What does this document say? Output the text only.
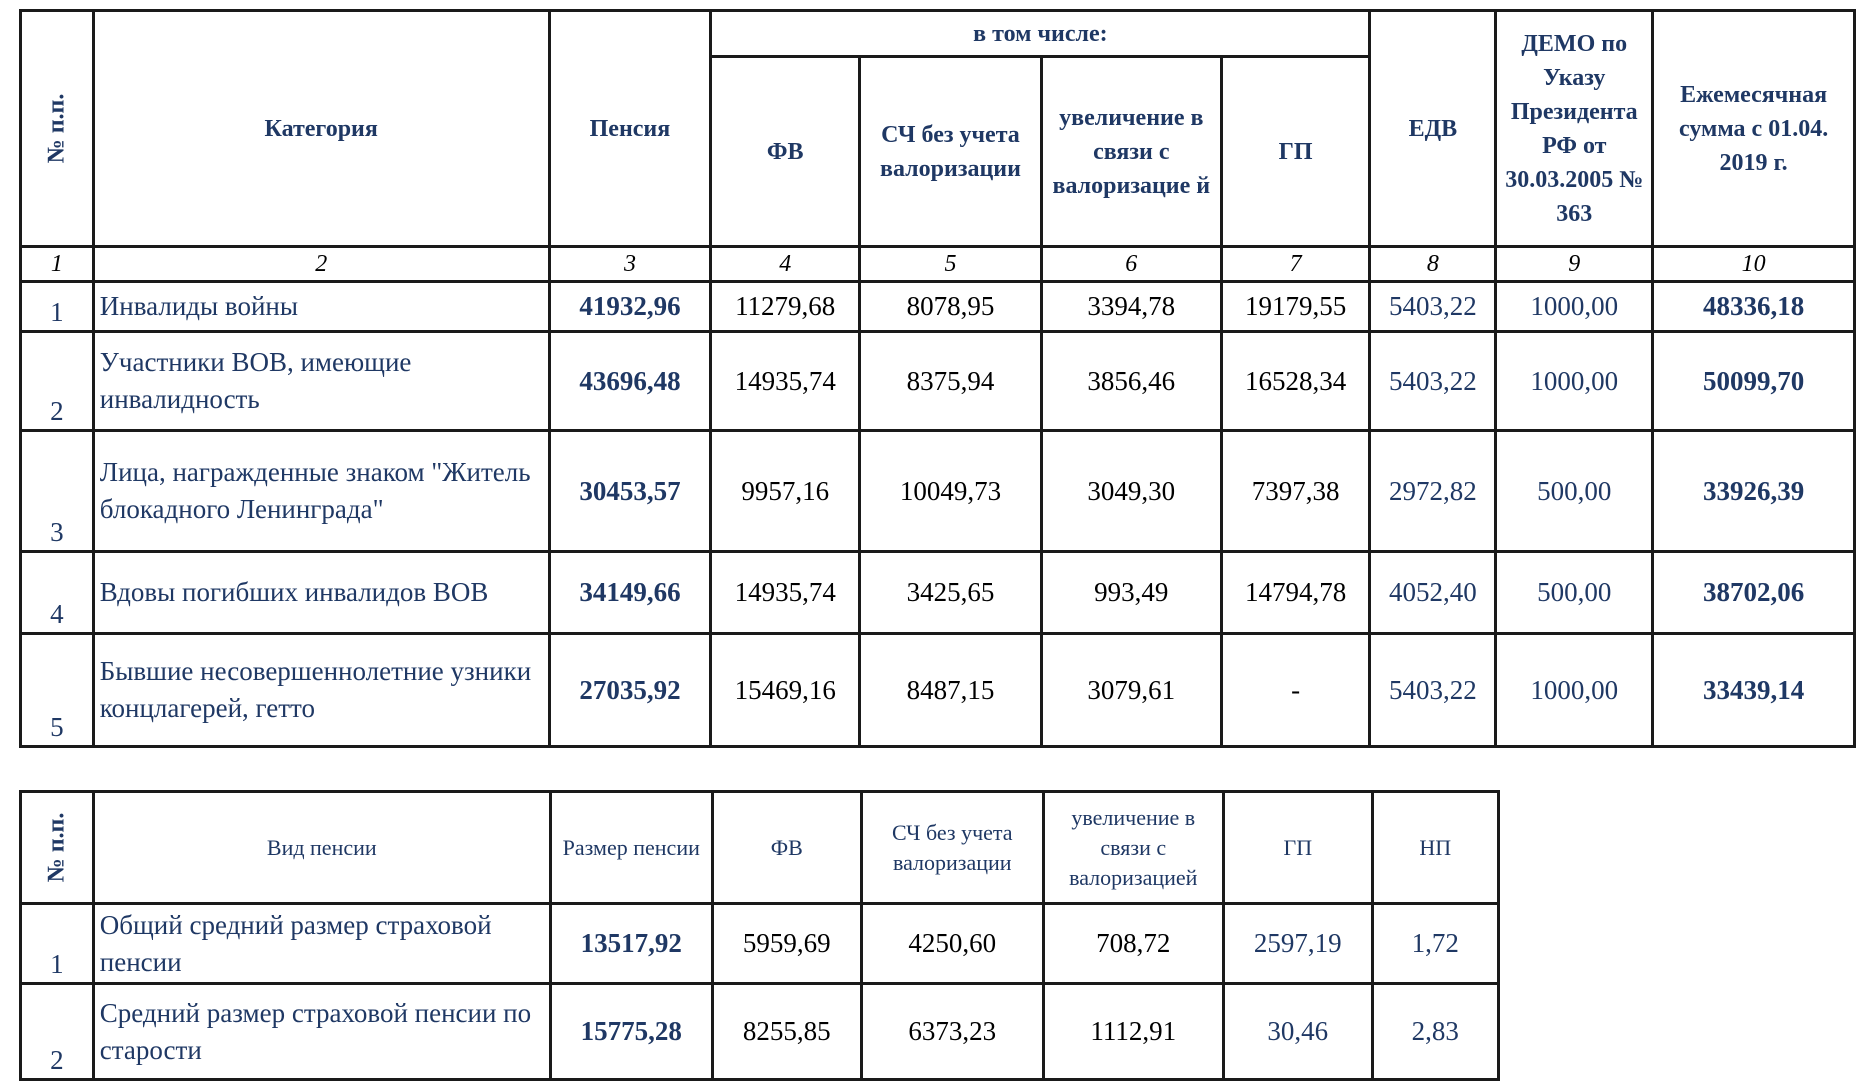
№ п.п.	Категория	Пенсия	в том числе:				ЕДВ	ДЕМО по Указу Президента РФ от 30.03.2005 № 363	Ежемесячная сумма с 01.04. 2019 г.
			ФВ	СЧ без учета валоризации	увеличение в связи с валоризацие й	ГП			
1	2	3	4	5	6	7	8	9	10
1	Инвалиды войны	41932,96	11279,68	8078,95	3394,78	19179,55	5403,22	1000,00	48336,18
2	Участники ВОВ, имеющие инвалидность	43696,48	14935,74	8375,94	3856,46	16528,34	5403,22	1000,00	50099,70
3	Лица, награжденные знаком "Житель блокадного Ленинграда"	30453,57	9957,16	10049,73	3049,30	7397,38	2972,82	500,00	33926,39
4	Вдовы погибших инвалидов ВОВ	34149,66	14935,74	3425,65	993,49	14794,78	4052,40	500,00	38702,06
5	Бывшие несовершеннолетние узники концлагерей, гетто	27035,92	15469,16	8487,15	3079,61	-	5403,22	1000,00	33439,14
№ п.п.	Вид пенсии	Размер пенсии	ФВ	СЧ без учета валоризации	увеличение в связи с валоризацией	ГП	НП
1	Общий средний размер страховой пенсии	13517,92	5959,69	4250,60	708,72	2597,19	1,72
2	Средний размер страховой пенсии по старости	15775,28	8255,85	6373,23	1112,91	30,46	2,83
